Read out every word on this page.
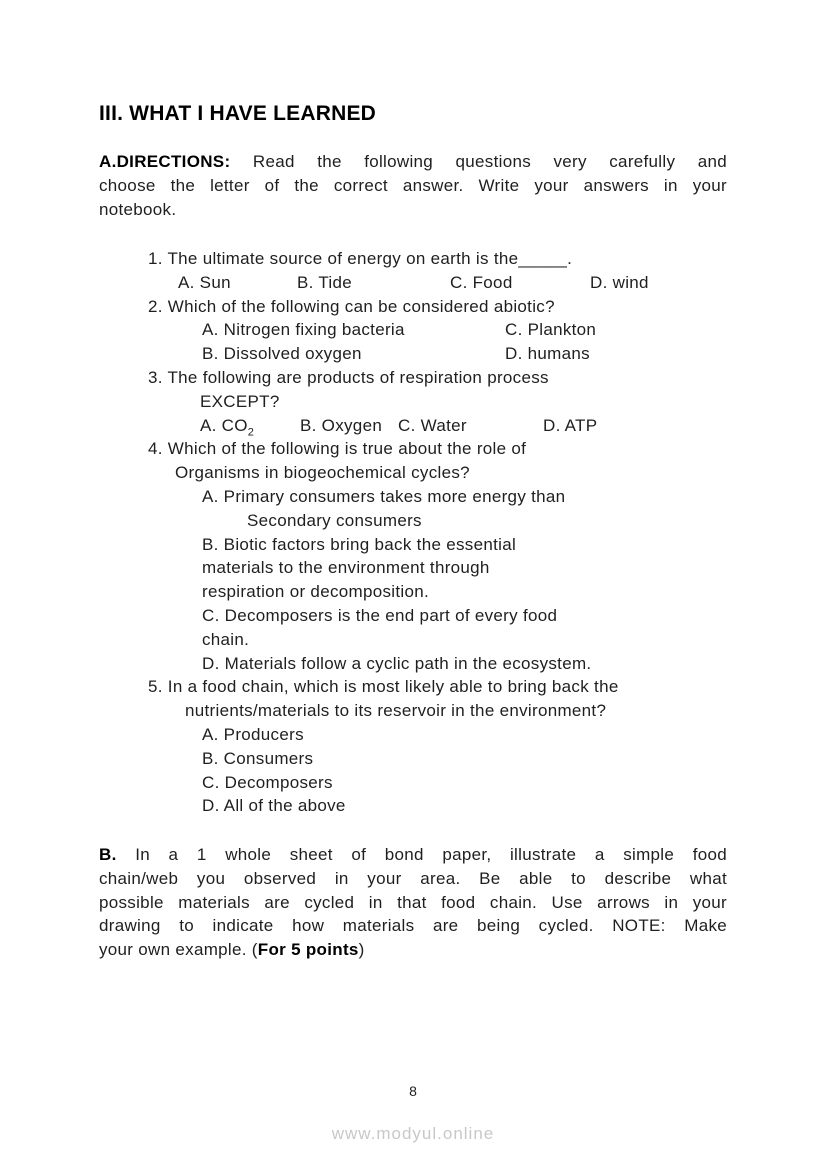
III. WHAT I HAVE LEARNED
A.DIRECTIONS: Read the following questions very carefully and
choose the letter of the correct answer. Write your answers in your
notebook.
1. The ultimate source of energy on earth is the_____.
A. Sun	B. Tide	C. Food	D. wind
2. Which of the following can be considered abiotic?
A. Nitrogen fixing bacteria	C. Plankton
B. Dissolved oxygen	D. humans
3. The following are products of respiration process
EXCEPT?
A. $CO_2$	B. Oxygen C. Water	D. ATP
4. Which of the following is true about the role of
Organisms in biogeochemical cycles?
A. Primary consumers takes more energy than
Secondary consumers
B. Biotic factors bring back the essential
materials to the environment through
respiration or decomposition.
C. Decomposers is the end part of every food
chain.
D. Materials follow a cyclic path in the ecosystem.
5. In a food chain, which is most likely able to bring back the
nutrients/materials to its reservoir in the environment?
A. Producers
B. Consumers
C. Decomposers
D. All of the above
B. In a 1 whole sheet of bond paper, illustrate a simple food
chain/web you observed in your area. Be able to describe what
possible materials are cycled in that food chain. Use arrows in your
drawing to indicate how materials are being cycled. NOTE: Make
your own example. (For 5 points)
8
www.modyul.online
